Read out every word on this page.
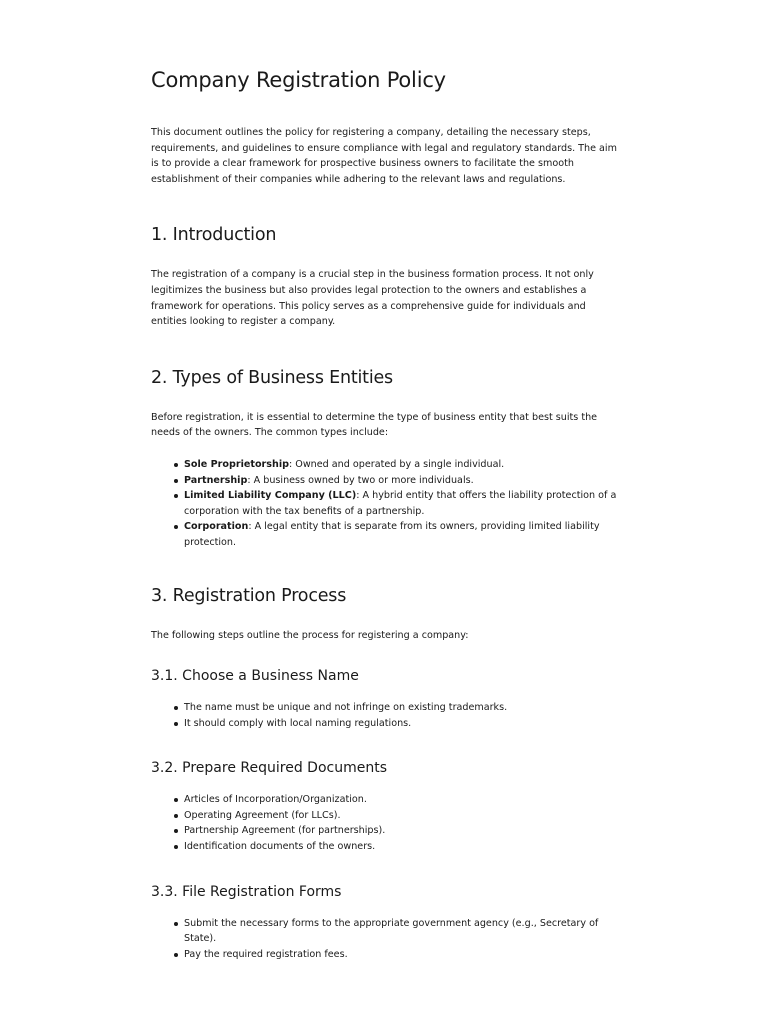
Company Registration Policy

This document outlines the policy for registering a company, detailing the necessary steps, requirements, and guidelines to ensure compliance with legal and regulatory standards. The aim is to provide a clear framework for prospective business owners to facilitate the smooth establishment of their companies while adhering to the relevant laws and regulations.

1. Introduction

The registration of a company is a crucial step in the business formation process. It not only legitimizes the business but also provides legal protection to the owners and establishes a framework for operations. This policy serves as a comprehensive guide for individuals and entities looking to register a company.

2. Types of Business Entities

Before registration, it is essential to determine the type of business entity that best suits the needs of the owners. The common types include:

Sole Proprietorship: Owned and operated by a single individual.
Partnership: A business owned by two or more individuals.
Limited Liability Company (LLC): A hybrid entity that offers the liability protection of a corporation with the tax benefits of a partnership.
Corporation: A legal entity that is separate from its owners, providing limited liability protection.
3. Registration Process

The following steps outline the process for registering a company:

3.1. Choose a Business Name
The name must be unique and not infringe on existing trademarks.
It should comply with local naming regulations.
3.2. Prepare Required Documents
Articles of Incorporation/Organization.
Operating Agreement (for LLCs).
Partnership Agreement (for partnerships).
Identification documents of the owners.
3.3. File Registration Forms
Submit the necessary forms to the appropriate government agency (e.g., Secretary of State).
Pay the required registration fees.
